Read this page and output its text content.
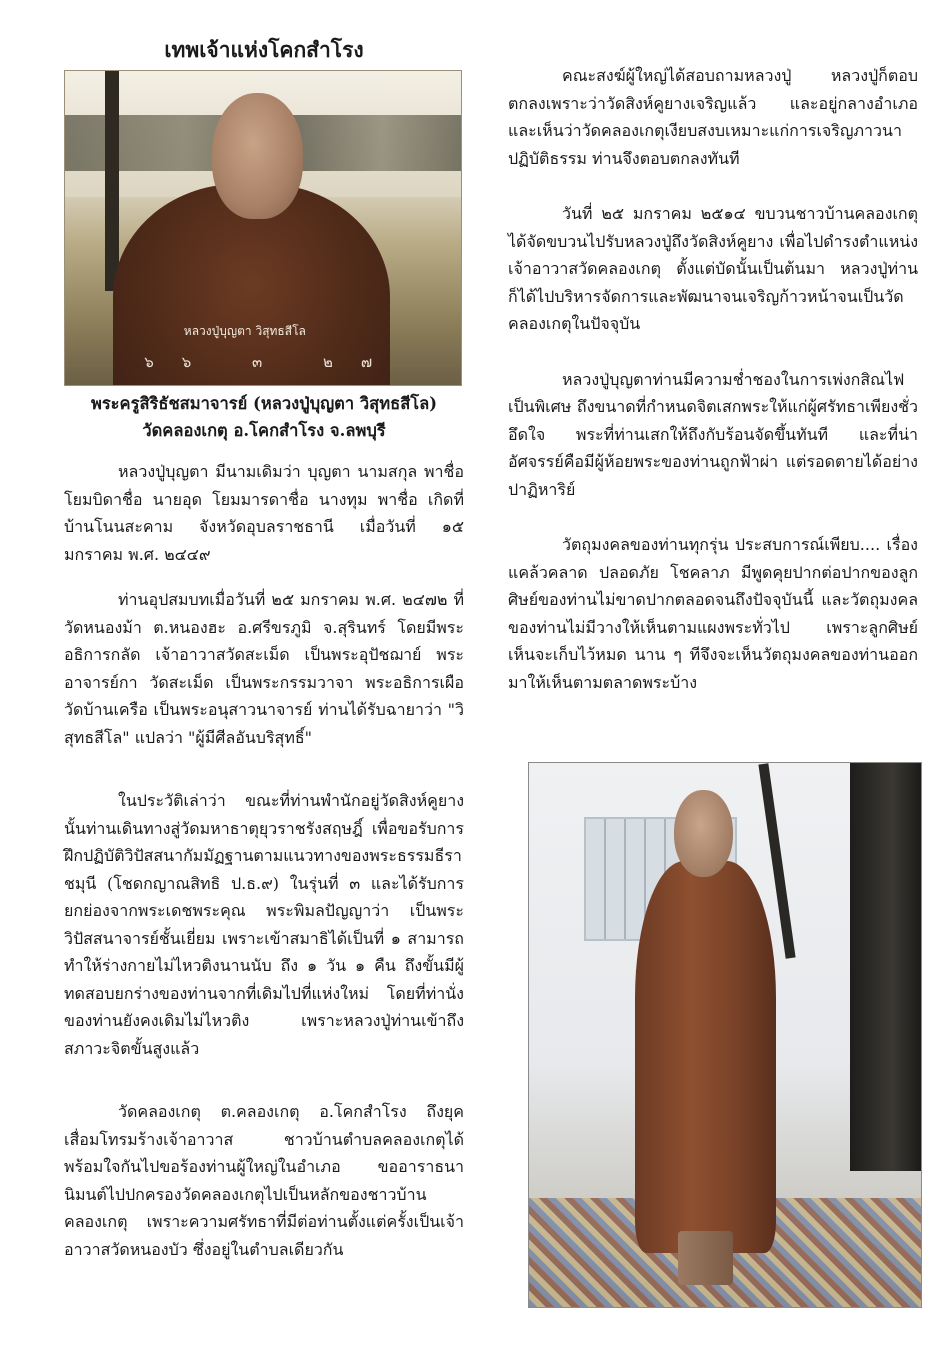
เทพเจ้าแห่งโคกสำโรง
หลวงปู่บุญตา วิสุทธสีโล
๖๖ ๓ ๒๗
พระครูสิริธัชสมาจารย์ (หลวงปู่บุญตา วิสุทธสีโล)
วัดคลองเกตุ อ.โคกสำโรง จ.ลพบุรี

หลวงปู่บุญตา มีนามเดิมว่า บุญตา นามสกุล พาชื่อ โยมบิดาชื่อ นายอุด โยมมารดาชื่อ นางทุม พาชื่อ เกิดที่บ้านโนนสะคาม จังหวัดอุบลราชธานี เมื่อวันที่ ๑๕ มกราคม พ.ศ. ๒๔๔๙

ท่านอุปสมบทเมื่อวันที่ ๒๕ มกราคม พ.ศ. ๒๔๗๒ ที่วัดหนองม้า ต.หนองฮะ อ.ศรีขรภูมิ จ.สุรินทร์ โดยมีพระอธิการกลัด เจ้าอาวาสวัดสะเม็ด เป็นพระอุปัชฌาย์ พระอาจารย์กา วัดสะเม็ด เป็นพระกรรมวาจา พระอธิการเผือ วัดบ้านเครือ เป็นพระอนุสาวนาจารย์ ท่านได้รับฉายาว่า "วิสุทธสีโล" แปลว่า "ผู้มีศีลอันบริสุทธิ์"

ในประวัติเล่าว่า ขณะที่ท่านพำนักอยู่วัดสิงห์คูยาง นั้นท่านเดินทางสู่วัดมหาธาตุยุวราชรังสฤษฎิ์ เพื่อขอรับการฝึกปฏิบัติวิปัสสนากัมมัฏฐานตามแนวทางของพระธรรมธีราชมุนี (โชดกญาณสิทธิ ป.ธ.๙) ในรุ่นที่ ๓ และได้รับการยกย่องจากพระเดชพระคุณ พระพิมลปัญญาว่า เป็นพระวิปัสสนาจารย์ชั้นเยี่ยม เพราะเข้าสมาธิได้เป็นที่ ๑ สามารถทำให้ร่างกายไม่ไหวติงนานนับ ถึง ๑ วัน ๑ คืน ถึงขั้นมีผู้ทดสอบยกร่างของท่านจากที่เดิมไปที่แห่งใหม่ โดยที่ท่านั่งของท่านยังคงเดิมไม่ไหวติง เพราะหลวงปู่ท่านเข้าถึงสภาวะจิตขั้นสูงแล้ว

วัดคลองเกตุ ต.คลองเกตุ อ.โคกสำโรง ถึงยุคเสื่อมโทรมร้างเจ้าอาวาส ชาวบ้านตำบลคลองเกตุได้พร้อมใจกันไปขอร้องท่านผู้ใหญ่ในอำเภอ ขออาราธนานิมนต์ไปปกครองวัดคลองเกตุไปเป็นหลักของชาวบ้านคลองเกตุ เพราะความศรัทธาที่มีต่อท่านตั้งแต่ครั้งเป็นเจ้าอาวาสวัดหนองบัว ซึ่งอยู่ในตำบลเดียวกัน

คณะสงฆ์ผู้ใหญ่ได้สอบถามหลวงปู่ หลวงปู่ก็ตอบตกลงเพราะว่าวัดสิงห์คูยางเจริญแล้ว และอยู่กลางอำเภอ และเห็นว่าวัดคลองเกตุเงียบสงบเหมาะแก่การเจริญภาวนาปฏิบัติธรรม ท่านจึงตอบตกลงทันที

วันที่ ๒๕ มกราคม ๒๕๑๔ ขบวนชาวบ้านคลองเกตุ ได้จัดขบวนไปรับหลวงปู่ถึงวัดสิงห์คูยาง เพื่อไปดำรงตำแหน่งเจ้าอาวาสวัดคลองเกตุ ตั้งแต่บัดนั้นเป็นต้นมา หลวงปู่ท่านก็ได้ไปบริหารจัดการและพัฒนาจนเจริญก้าวหน้าจนเป็นวัดคลองเกตุในปัจจุบัน

หลวงปู่บุญตาท่านมีความช่ำชองในการเพ่งกสิณไฟเป็นพิเศษ ถึงขนาดที่กำหนดจิตเสกพระให้แก่ผู้ศรัทธาเพียงชั่วอึดใจ พระที่ท่านเสกให้ถึงกับร้อนจัดขึ้นทันที และที่น่าอัศจรรย์คือมีผู้ห้อยพระของท่านถูกฟ้าผ่า แต่รอดตายได้อย่างปาฏิหาริย์

วัตถุมงคลของท่านทุกรุ่น ประสบการณ์เพียบ.... เรื่องแคล้วคลาด ปลอดภัย โชคลาภ มีพูดคุยปากต่อปากของลูกศิษย์ของท่านไม่ขาดปากตลอดจนถึงปัจจุบันนี้ และวัตถุมงคลของท่านไม่มีวางให้เห็นตามแผงพระทั่วไป เพราะลูกศิษย์เห็นจะเก็บไว้หมด นาน ๆ ทีจึงจะเห็นวัตถุมงคลของท่านออกมาให้เห็นตามตลาดพระบ้าง
